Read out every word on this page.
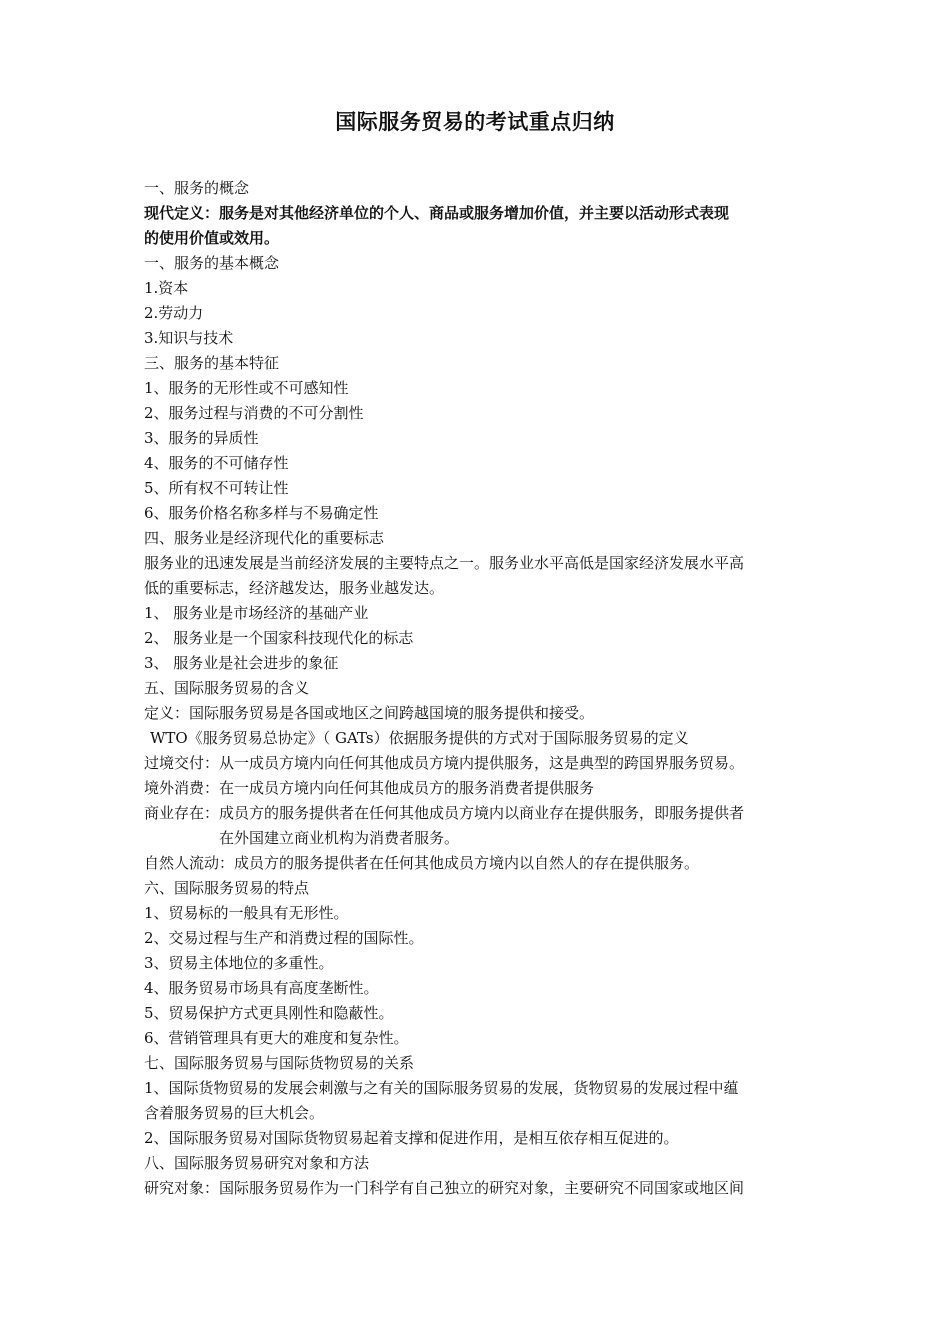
国际服务贸易的考试重点归纳
一、服务的概念
现代定义：服务是对其他经济单位的个人、商品或服务增加价值，并主要以活动形式表现
的使用价值或效用。
一、服务的基本概念
1.资本
2.劳动力
3.知识与技术
三、服务的基本特征
1、服务的无形性或不可感知性
2、服务过程与消费的不可分割性
3、服务的异质性
4、服务的不可储存性
5、所有权不可转让性
6、服务价格名称多样与不易确定性
四、服务业是经济现代化的重要标志
服务业的迅速发展是当前经济发展的主要特点之一。服务业水平高低是国家经济发展水平高
低的重要标志，经济越发达，服务业越发达。
1、 服务业是市场经济的基础产业
2、 服务业是一个国家科技现代化的标志
3、 服务业是社会进步的象征
五、国际服务贸易的含义
定义：国际服务贸易是各国或地区之间跨越国境的服务提供和接受。
WTO《服务贸易总协定》（ GATs）依据服务提供的方式对于国际服务贸易的定义
过境交付：从一成员方境内向任何其他成员方境内提供服务，这是典型的跨国界服务贸易。
境外消费：在一成员方境内向任何其他成员方的服务消费者提供服务
商业存在： 成员方的服务提供者在任何其他成员方境内以商业存在提供服务，即服务提供者
在外国建立商业机构为消费者服务。
自然人流动：成员方的服务提供者在任何其他成员方境内以自然人的存在提供服务。
六、国际服务贸易的特点
1、贸易标的一般具有无形性。
2、交易过程与生产和消费过程的国际性。
3、贸易主体地位的多重性。
4、服务贸易市场具有高度垄断性。
5、贸易保护方式更具刚性和隐蔽性。
6、营销管理具有更大的难度和复杂性。
七、国际服务贸易与国际货物贸易的关系
1、国际货物贸易的发展会刺激与之有关的国际服务贸易的发展，货物贸易的发展过程中蕴
含着服务贸易的巨大机会。
2、国际服务贸易对国际货物贸易起着支撑和促进作用，是相互依存相互促进的。
八、国际服务贸易研究对象和方法
研究对象：国际服务贸易作为一门科学有自己独立的研究对象，主要研究不同国家或地区间
